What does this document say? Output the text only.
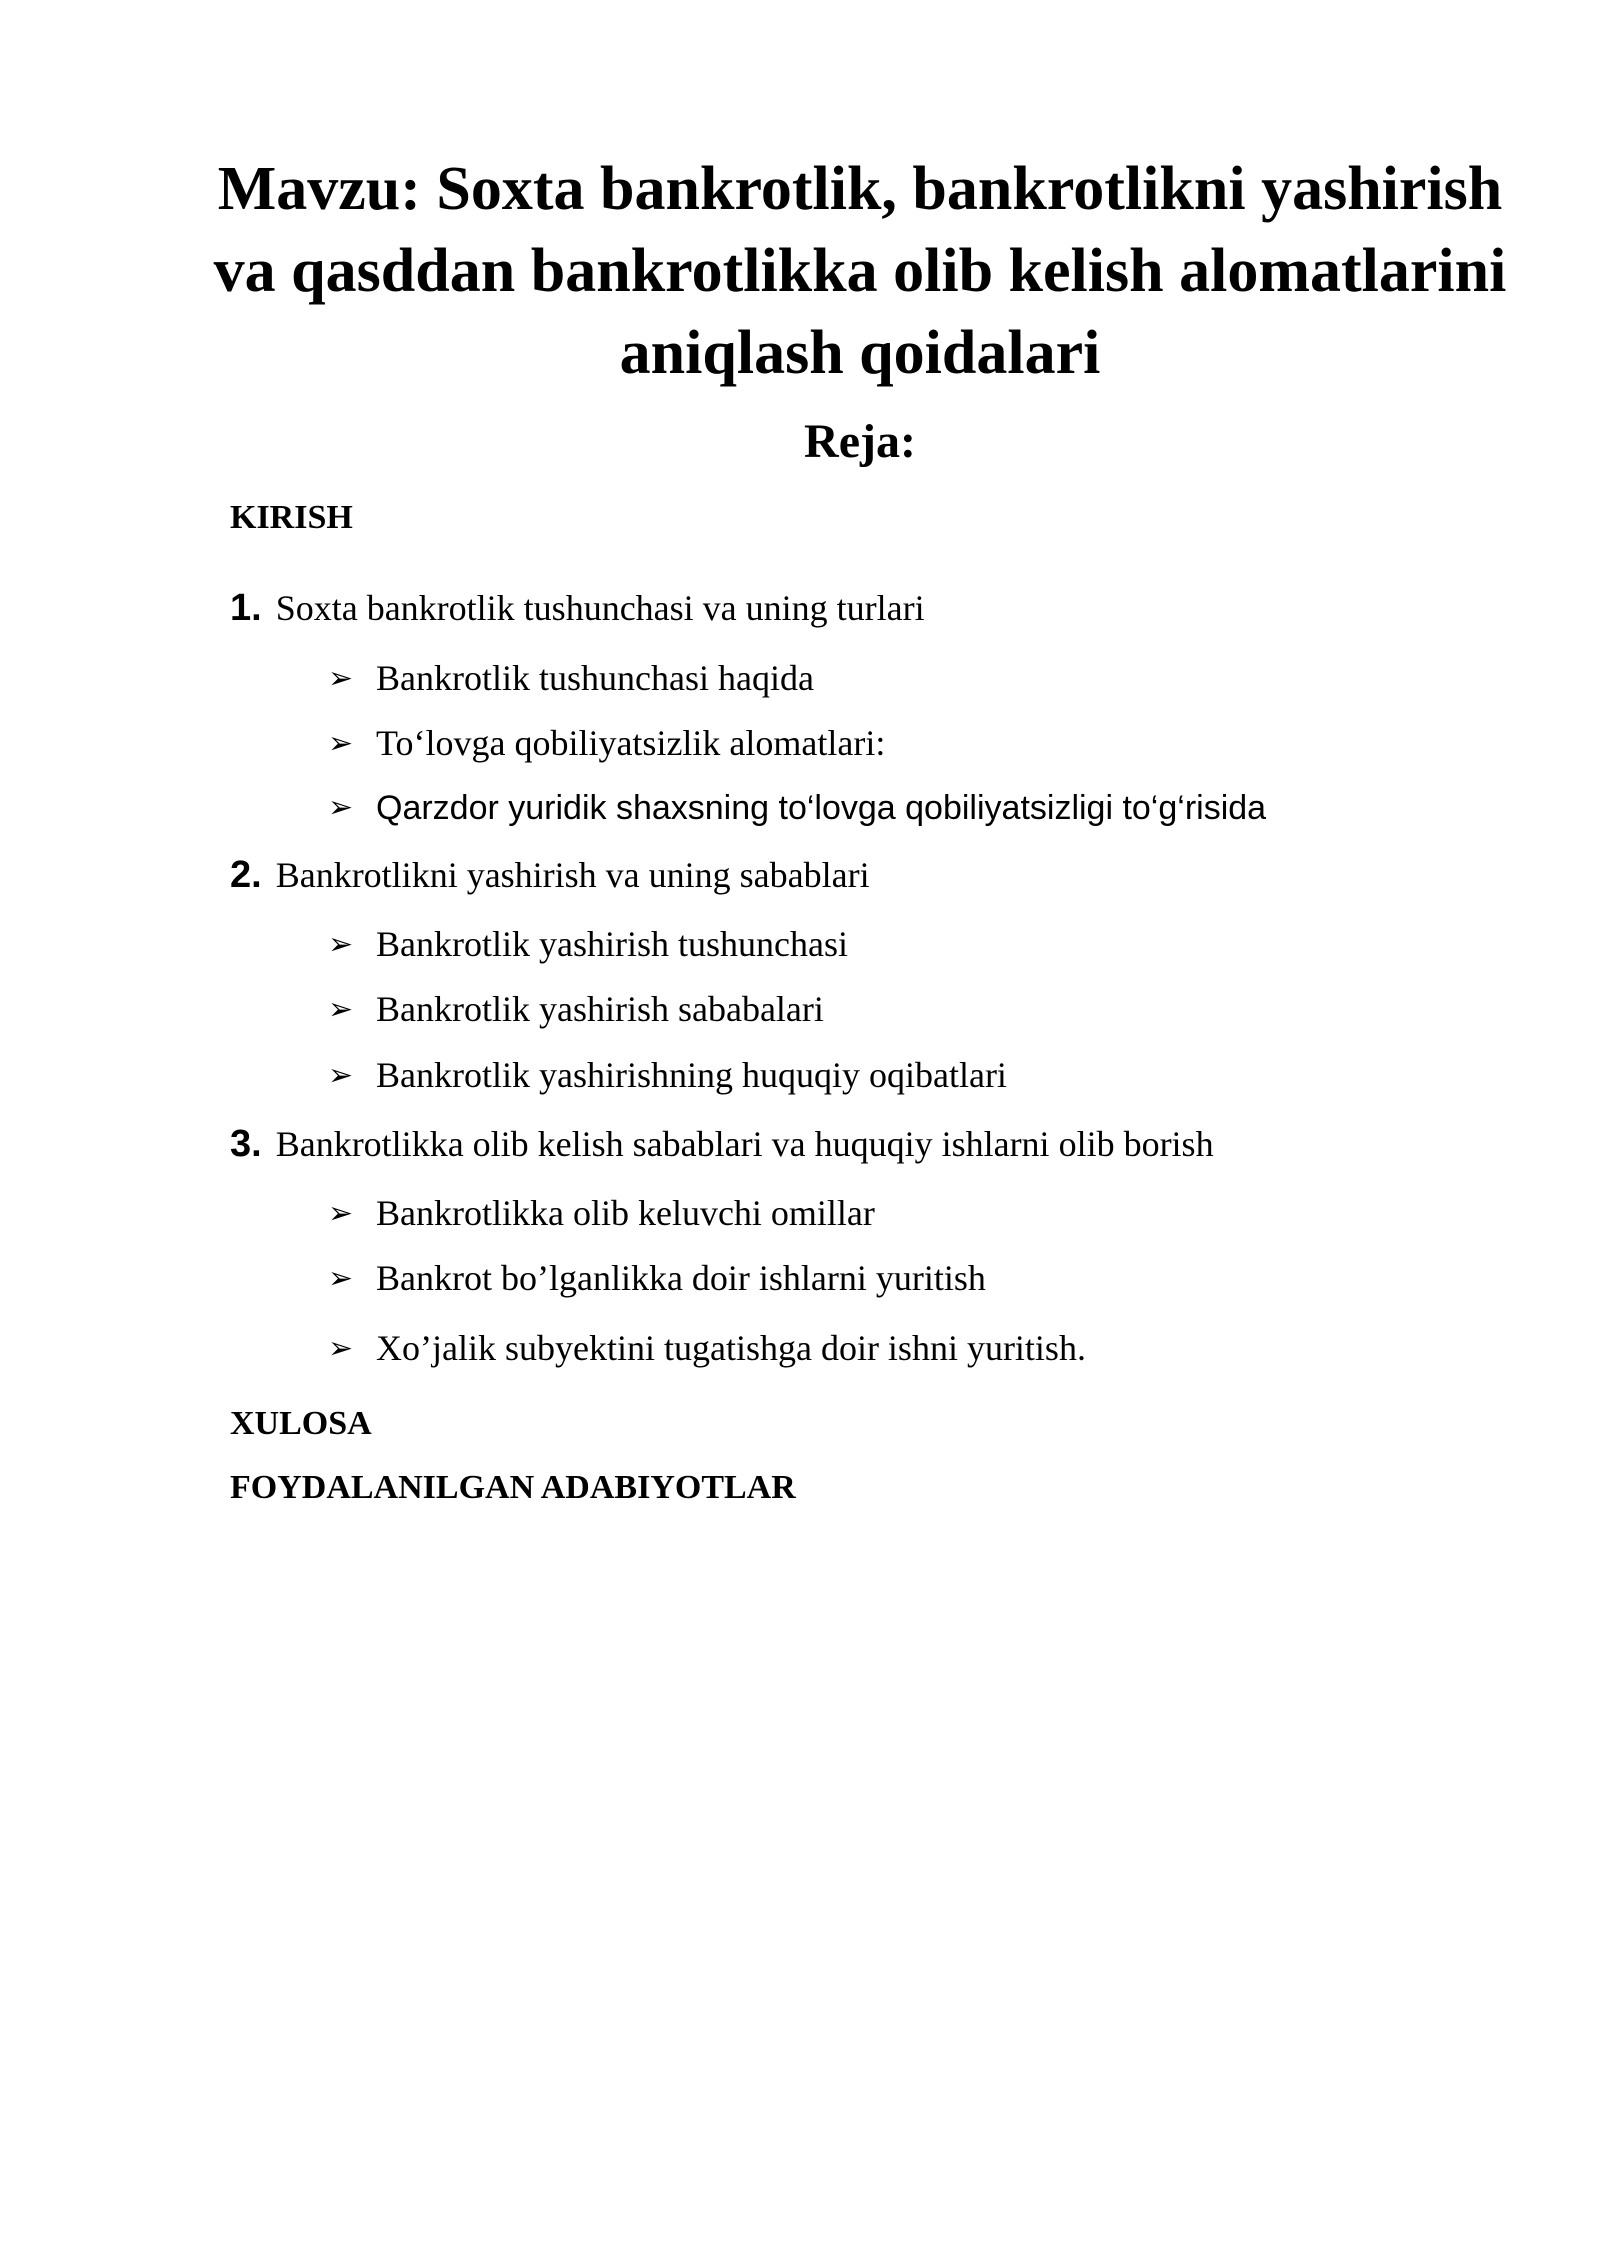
Mavzu: Soxta bankrotlik, bankrotlikni yashirish va qasddan bankrotlikka olib kelish alomatlarini aniqlash qoidalari
Reja:
KIRISH
1. Soxta bankrotlik tushunchasi va uning turlari
➢ Bankrotlik tushunchasi haqida
➢ To‘lovga qobiliyatsizlik alomatlari:
➢ Qarzdor yuridik shaxsning to‘lovga qobiliyatsizligi to‘g‘risida
2. Bankrotlikni yashirish va uning sabablari
➢ Bankrotlik yashirish tushunchasi
➢ Bankrotlik yashirish sababalari
➢ Bankrotlik yashirishning huquqiy oqibatlari
3. Bankrotlikka olib kelish sabablari va huquqiy ishlarni olib borish
➢ Bankrotlikka olib keluvchi omillar
➢ Bankrot bo’lganlikka doir ishlarni yuritish
➢ Xo’jalik subyektini tugatishga doir ishni yuritish.
XULOSA
FOYDALANILGAN ADABIYOTLAR
